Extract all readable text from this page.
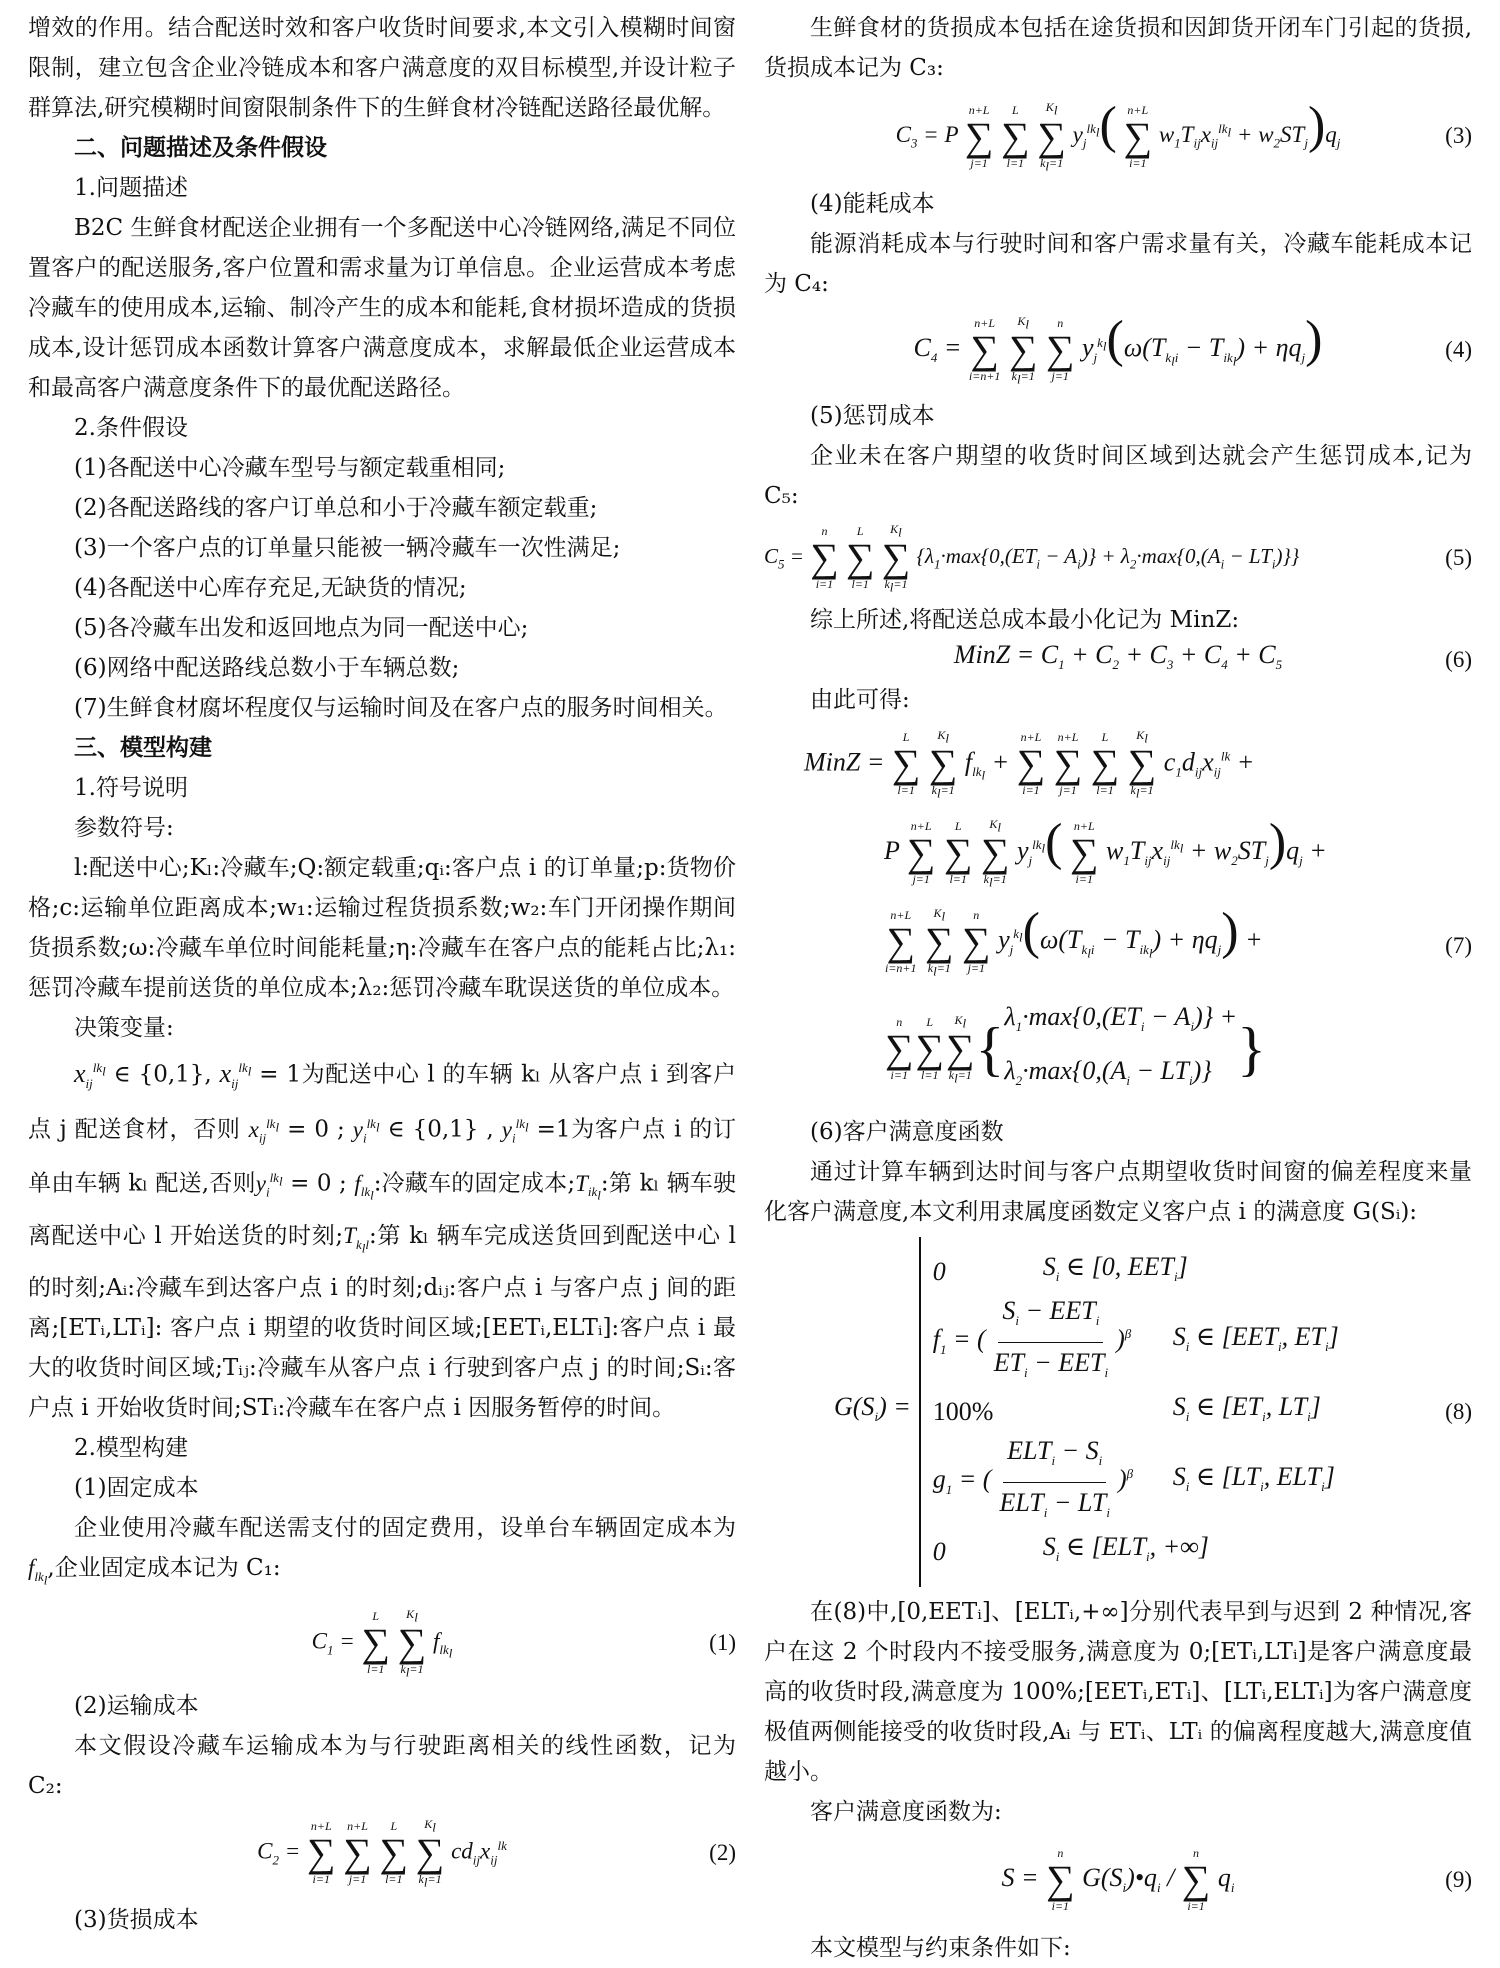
增效的作用。结合配送时效和客户收货时间要求,本文引入模糊时间窗限制，建立包含企业冷链成本和客户满意度的双目标模型,并设计粒子群算法,研究模糊时间窗限制条件下的生鲜食材冷链配送路径最优解。

二、问题描述及条件假设

1.问题描述

B2C 生鲜食材配送企业拥有一个多配送中心冷链网络,满足不同位置客户的配送服务,客户位置和需求量为订单信息。企业运营成本考虑冷藏车的使用成本,运输、制冷产生的成本和能耗,食材损坏造成的货损成本,设计惩罚成本函数计算客户满意度成本，求解最低企业运营成本和最高客户满意度条件下的最优配送路径。

2.条件假设

(1)各配送中心冷藏车型号与额定载重相同;

(2)各配送路线的客户订单总和小于冷藏车额定载重;

(3)一个客户点的订单量只能被一辆冷藏车一次性满足;

(4)各配送中心库存充足,无缺货的情况;

(5)各冷藏车出发和返回地点为同一配送中心;

(6)网络中配送路线总数小于车辆总数;

(7)生鲜食材腐坏程度仅与运输时间及在客户点的服务时间相关。

三、模型构建

1.符号说明

参数符号:

l:配送中心;Kₗ:冷藏车;Q:额定载重;qᵢ:客户点 i 的订单量;p:货物价格;c:运输单位距离成本;w₁:运输过程货损系数;w₂:车门开闭操作期间货损系数;ω:冷藏车单位时间能耗量;η:冷藏车在客户点的能耗占比;λ₁:惩罚冷藏车提前送货的单位成本;λ₂:惩罚冷藏车耽误送货的单位成本。

决策变量:

$x_{ij}^{lk_l}$ ∈ {0,1}, $x_{ij}^{lk_l} = 1$为配送中心 l 的车辆 kₗ 从客户点 i 到客户点 j 配送食材，否则 $x_{ij}^{lk_l} = 0$ ; $y_i^{lk_l}$ ∈ {0,1} , $y_i^{lk_l} =1$为客户点 i 的订单由车辆 kₗ 配送,否则$y_i^{lk_l} = 0$ ; $f_{lk_l}$:冷藏车的固定成本$;T_{ik_l}$:第 kₗ 辆车驶离配送中心 l 开始送货的时刻$;T_{k_ll}$:第 kₗ 辆车完成送货回到配送中心 l 的时刻;Aᵢ:冷藏车到达客户点 i 的时刻;dᵢⱼ:客户点 i 与客户点 j 间的距离;[ETᵢ,LTᵢ]: 客户点 i 期望的收货时间区域;[EETᵢ,ELTᵢ]:客户点 i 最大的收货时间区域;Tᵢⱼ:冷藏车从客户点 i 行驶到客户点 j 的时间;Sᵢ:客户点 i 开始收货时间;STᵢ:冷藏车在客户点 i 因服务暂停的时间。

2.模型构建

(1)固定成本

企业使用冷藏车配送需支付的固定费用，设单台车辆固定成本为$f_{lk_l}$,企业固定成本记为 C₁:

$C_1$ =
L
∑
l=1

$K_l$
∑
$k_l=1$
$f_{lk_l}$	(1)

(2)运输成本

本文假设冷藏车运输成本为与行驶距离相关的线性函数，记为 C₂:

$C_2$ =
n+L
∑
i=1

n+L
∑
j=1

L
∑
l=1

$K_l$
∑
$k_l=1$
$cd_{ij}x_{ij}^{lk}$	(2)

(3)货损成本

生鲜食材的货损成本包括在途货损和因卸货开闭车门引起的货损,货损成本记为 C₃:

$C_3 = P$
n+L
∑
j=1

L
∑
l=1

$K_l$
∑
$k_l=1$
$y_j^{lk_l}$( n+L
∑
i=1
$w_1T_{ij}x_{ij}^{lk_l} + w_2ST_j)q_j$	(3)

(4)能耗成本

能源消耗成本与行驶时间和客户需求量有关，冷藏车能耗成本记为 C₄:

$C_4$ =
n+L
∑
i=n+1

$K_l$
∑
$k_l=1$

n
∑
j=1
$y_j^{k_l}(\omega(T_{k_li} - T_{ik_l}) + \eta q_j)$	(4)

(5)惩罚成本

企业未在客户期望的收货时间区域到达就会产生惩罚成本,记为 C₅:

$C_5$ =
n
∑
i=1

L
∑
l=1

$K_l$
∑
$k_l=1$
$\{\lambda_1\cdot\max\{0,(ET_i - A_i)\} + \lambda_2\cdot\max\{0,(A_i - LT_i)\}\}$	(5)

综上所述,将配送总成本最小化记为 MinZ:

MinZ = $C_1 + C_2 + C_3 + C_4 + C_5$	(6)

由此可得:

MinZ =
L
∑
l=1

$K_l$
∑
$k_l=1$
$f_{lk_l}$ +
n+L
∑
i=1

n+L
∑
j=1

L
∑
l=1

$K_l$
∑
$k_l=1$
$c_1d_{ij}x_{ij}^{lk}$ +
P
n+L
∑
j=1

L
∑
l=1

$K_l$
∑
$k_l=1$
$y_j^{lk_l}$( n+L
∑
i=1
$w_1T_{ij}x_{ij}^{lk_l} + w_2ST_j)q_j$ +
n+L
∑
i=n+1

$K_l$
∑
$k_l=1$

n
∑
j=1
$y_j^{k_l}(\omega(T_{k_li} - T_{ik_l}) + \eta q_j)$ +
n
∑
i=1
L
∑
l=1
$K_l$
∑
$k_l=1$ { $\lambda_1\cdot\max\{0,(ET_i - A_i)\}$ +
$\lambda_2\cdot\max\{0,(A_i - LT_i)\}$ }
(7)

(6)客户满意度函数

通过计算车辆到达时间与客户点期望收货时间窗的偏差程度来量化客户满意度,本文利用隶属度函数定义客户点 i 的满意度 G(Sᵢ):

$G(S_i)$ =
0	$S_i$ ∈ [0, $EET_i$]
$f_1$ = ( $\frac{S_i - EET_i}{ET_i - EET_i} )^\beta$	$S_i$ ∈ [$EET_i$, $ET_i$]
100%	$S_i$ ∈ [$ET_i$, $LT_i$]
$g_1$ = ( $\frac{ELT_i - S_i}{ELT_i - LT_i} )^\beta$	$S_i$ ∈ [$LT_i$, $ELT_i$]
0	$S_i$ ∈ [$ELT_i$, +∞]
(8)

在(8)中,[0,EETᵢ]、[ELTᵢ,+∞]分别代表早到与迟到 2 种情况,客户在这 2 个时段内不接受服务,满意度为 0;[ETᵢ,LTᵢ]是客户满意度最高的收货时段,满意度为 100%;[EETᵢ,ETᵢ]、[LTᵢ,ELTᵢ]为客户满意度极值两侧能接受的收货时段,Aᵢ 与 ETᵢ、LTᵢ 的偏离程度越大,满意度值越小。

客户满意度函数为:

S =
n
∑
i=1
$G(S_i)•q_i$ /
n
∑
i=1
$q_i$	(9)

本文模型与约束条件如下:
